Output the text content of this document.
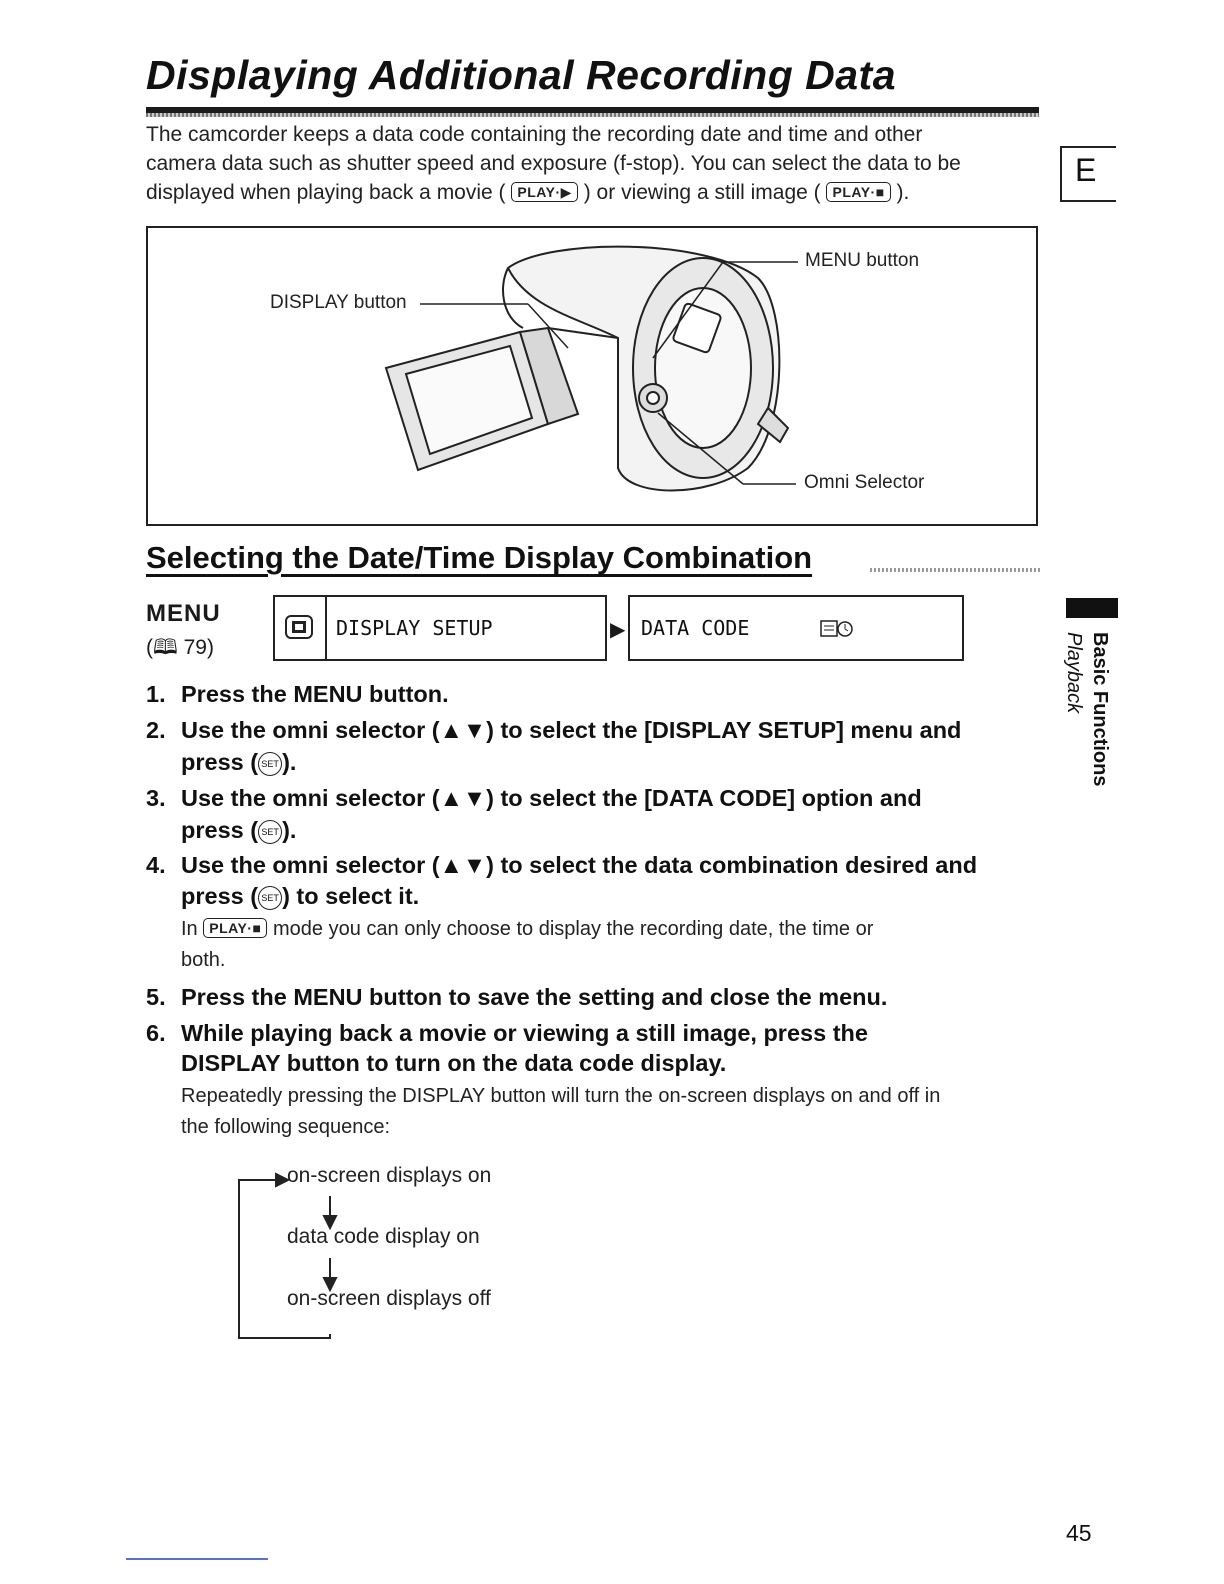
Displaying Additional Recording Data
E
The camcorder keeps a data code containing the recording date and time and other
camera data such as shutter speed and exposure (f-stop). You can select the data to be
displayed when playing back a movie ( PLAY·▶ ) or viewing a still image ( PLAY·■ ).
MENU button
DISPLAY button
Omni Selector
Selecting the Date/Time Display Combination
MENU
(🕮 79)
DISPLAY SETUP	▶ DATA CODE
1. Press the MENU button.
2. Use the omni selector (▲▼) to select the [DISPLAY SETUP] menu and
press ( SET ).
3. Use the omni selector (▲▼) to select the [DATA CODE] option and
press ( SET ).
4. Use the omni selector (▲▼) to select the data combination desired and
press ( SET ) to select it.
In PLAY·■ mode you can only choose to display the recording date, the time or
both.
5. Press the MENU button to save the setting and close the menu.
6. While playing back a movie or viewing a still image, press the
DISPLAY button to turn on the data code display.
Repeatedly pressing the DISPLAY button will turn the on-screen displays on and off in
the following sequence:
on-screen displays on
data code display on
on-screen displays off
Basic Functions
Playback
45
